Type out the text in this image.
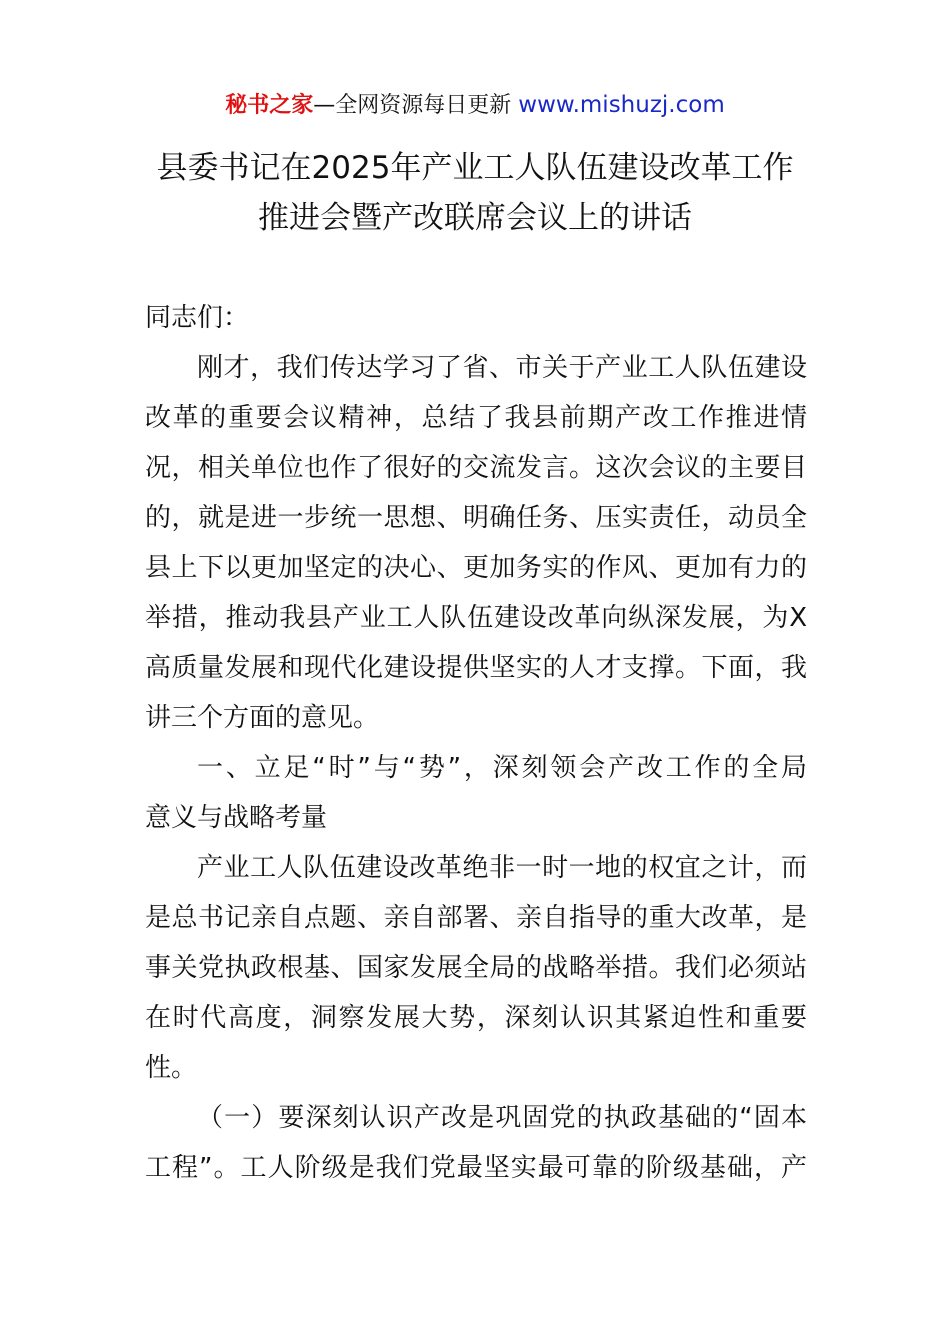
秘书之家—全网资源每日更新 www.mishuzj.com
县委书记在2025年产业工人队伍建设改革工作
推进会暨产改联席会议上的讲话
同志们：
刚才，我们传达学习了省、市关于产业工人队伍建设
改革的重要会议精神，总结了我县前期产改工作推进情
况，相关单位也作了很好的交流发言。这次会议的主要目
的，就是进一步统一思想、明确任务、压实责任，动员全
县上下以更加坚定的决心、更加务实的作风、更加有力的
举措，推动我县产业工人队伍建设改革向纵深发展，为X
高质量发展和现代化建设提供坚实的人才支撑。下面，我
讲三个方面的意见。
一、立足“时”与“势”，深刻领会产改工作的全局
意义与战略考量
产业工人队伍建设改革绝非一时一地的权宜之计，而
是总书记亲自点题、亲自部署、亲自指导的重大改革，是
事关党执政根基、国家发展全局的战略举措。我们必须站
在时代高度，洞察发展大势，深刻认识其紧迫性和重要
性。
（一）要深刻认识产改是巩固党的执政基础的“固本
工程”。工人阶级是我们党最坚实最可靠的阶级基础，产
